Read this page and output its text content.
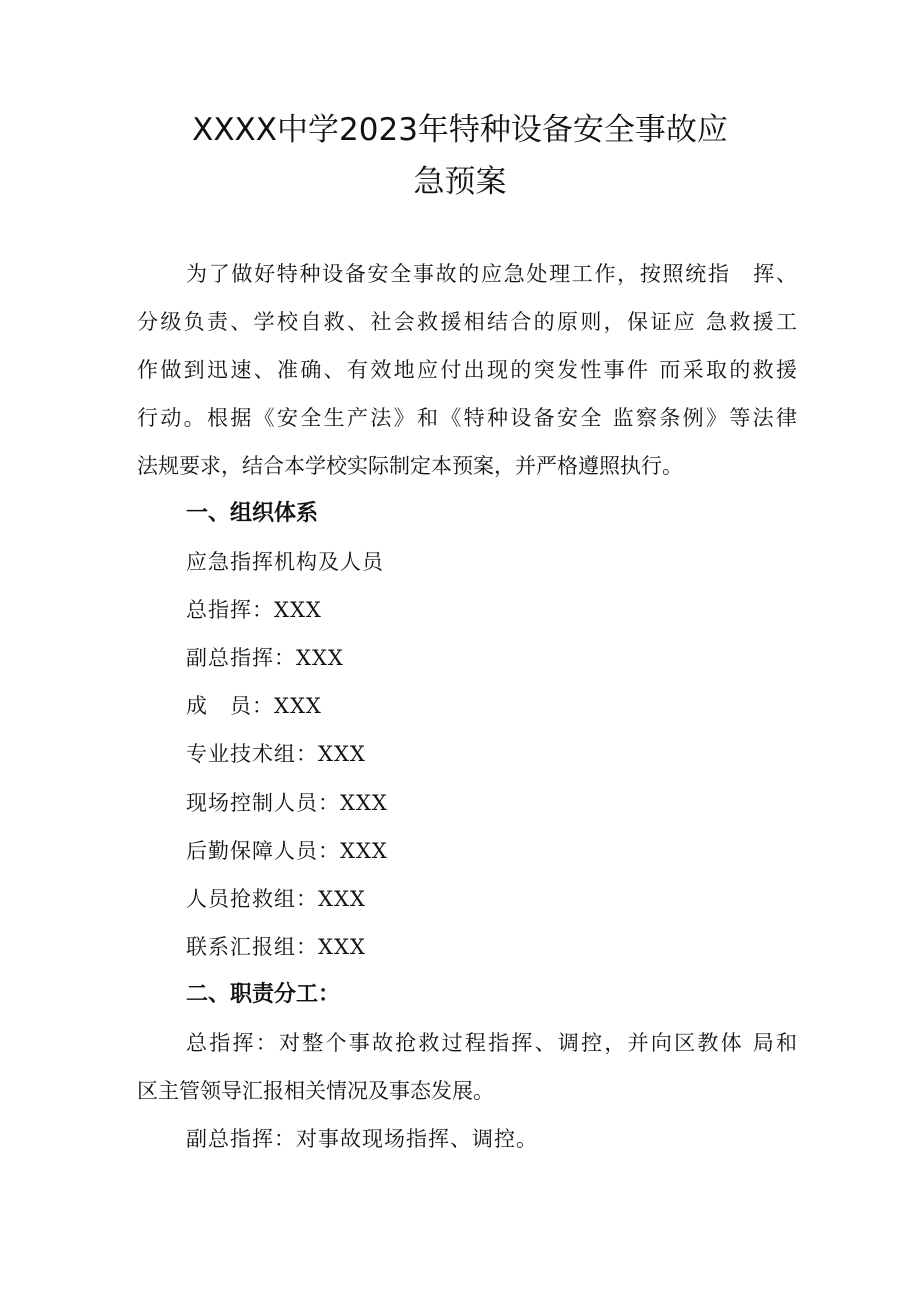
XXXX中学2023年特种设备安全事故应
急预案
为了做好特种设备安全事故的应急处理工作，按照统指　挥、
分级负责、学校自救、社会救援相结合的原则，保证应 急救援工
作做到迅速、准确、有效地应付出现的突发性事件 而采取的救援
行动。根据《安全生产法》和《特种设备安全 监察条例》等法律
法规要求，结合本学校实际制定本预案，并严格遵照执行。
一、组织体系
应急指挥机构及人员
总指挥：XXX
副总指挥：XXX
成　员：XXX
专业技术组：XXX
现场控制人员：XXX
后勤保障人员：XXX
人员抢救组：XXX
联系汇报组：XXX
二、职责分工：
总指挥：对整个事故抢救过程指挥、调控，并向区教体 局和
区主管领导汇报相关情况及事态发展。
副总指挥：对事故现场指挥、调控。
